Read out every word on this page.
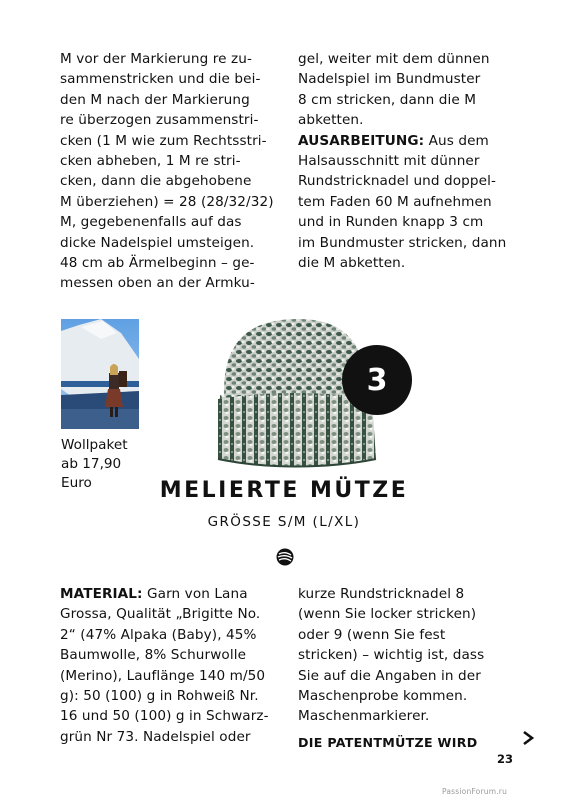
M vor der Markierung re zu-
sammenstricken und die bei-
den M nach der Markierung
re überzogen zusammenstri-
cken (1 M wie zum Rechtsstri-
cken abheben, 1 M re stri-
cken, dann die abgehobene
M überziehen) = 28 (28/32/32)
M, gegebenenfalls auf das
dicke Nadelspiel umsteigen.
48 cm ab Ärmelbeginn – ge-
messen oben an der Armku-
gel, weiter mit dem dünnen
Nadelspiel im Bundmuster
8 cm stricken, dann die M
abketten.
AUSARBEITUNG: Aus dem
Halsausschnitt mit dünner
Rundstricknadel und doppel-
tem Faden 60 M aufnehmen
und in Runden knapp 3 cm
im Bundmuster stricken, dann
die M abketten.
Wollpaket
ab 17,90
Euro
3
MELIERTE MÜTZE
GRÖSSE S/M (L/XL)
MATERIAL: Garn von Lana
Grossa, Qualität „Brigitte No.
2“ (47% Alpaka (Baby), 45%
Baumwolle, 8% Schurwolle
(Merino), Lauflänge 140 m/50
g): 50 (100) g in Rohweiß Nr.
16 und 50 (100) g in Schwarz-
grün Nr 73. Nadelspiel oder
kurze Rundstricknadel 8
(wenn Sie locker stricken)
oder 9 (wenn Sie fest
stricken) – wichtig ist, dass
Sie auf die Angaben in der
Maschenprobe kommen.
Maschenmarkierer.
DIE PATENTMÜTZE WIRD
23
PassionForum.ru
